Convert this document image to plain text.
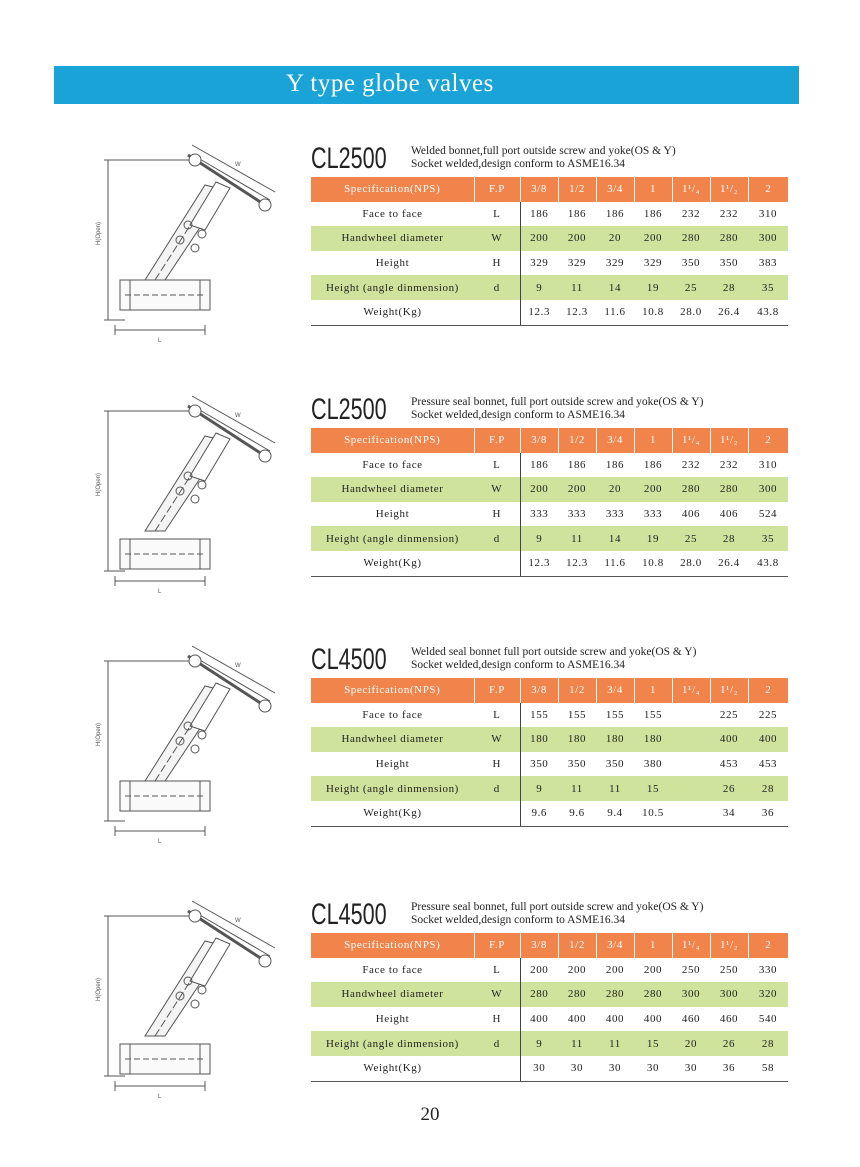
Y type globe valves
H(Open)
L
W CL2500 Welded bonnet,full port outside screw and yoke(OS & Y)
Socket welded,design conform to ASME16.34
Specification(NPS)	F.P	3/8	1/2	3/4	1	1¹/₄	1¹/₂	2
Face to face	L	186	186	186	186	232	232	310
Handwheel diameter	W	200	200	20	200	280	280	300
Height	H	329	329	329	329	350	350	383
Height (angle dinmension)	d	9	11	14	19	25	28	35
Weight(Kg)		12.3	12.3	11.6	10.8	28.0	26.4	43.8
H(Open)
L
W CL2500 Pressure seal bonnet, full port outside screw and yoke(OS & Y)
Socket welded,design conform to ASME16.34
Specification(NPS)	F.P	3/8	1/2	3/4	1	1¹/₄	1¹/₂	2
Face to face	L	186	186	186	186	232	232	310
Handwheel diameter	W	200	200	20	200	280	280	300
Height	H	333	333	333	333	406	406	524
Height (angle dinmension)	d	9	11	14	19	25	28	35
Weight(Kg)		12.3	12.3	11.6	10.8	28.0	26.4	43.8
H(Open)
L
W CL4500 Welded seal bonnet full port outside screw and yoke(OS & Y)
Socket welded,design conform to ASME16.34
Specification(NPS)	F.P	3/8	1/2	3/4	1	1¹/₄	1¹/₂	2
Face to face	L	155	155	155	155		225	225
Handwheel diameter	W	180	180	180	180		400	400
Height	H	350	350	350	380		453	453
Height (angle dinmension)	d	9	11	11	15		26	28
Weight(Kg)		9.6	9.6	9.4	10.5		34	36
H(Open)
L
W CL4500 Pressure seal bonnet, full port outside screw and yoke(OS & Y)
Socket welded,design conform to ASME16.34
Specification(NPS)	F.P	3/8	1/2	3/4	1	1¹/₄	1¹/₂	2
Face to face	L	200	200	200	200	250	250	330
Handwheel diameter	W	280	280	280	280	300	300	320
Height	H	400	400	400	400	460	460	540
Height (angle dinmension)	d	9	11	11	15	20	26	28
Weight(Kg)		30	30	30	30	30	36	58
20
